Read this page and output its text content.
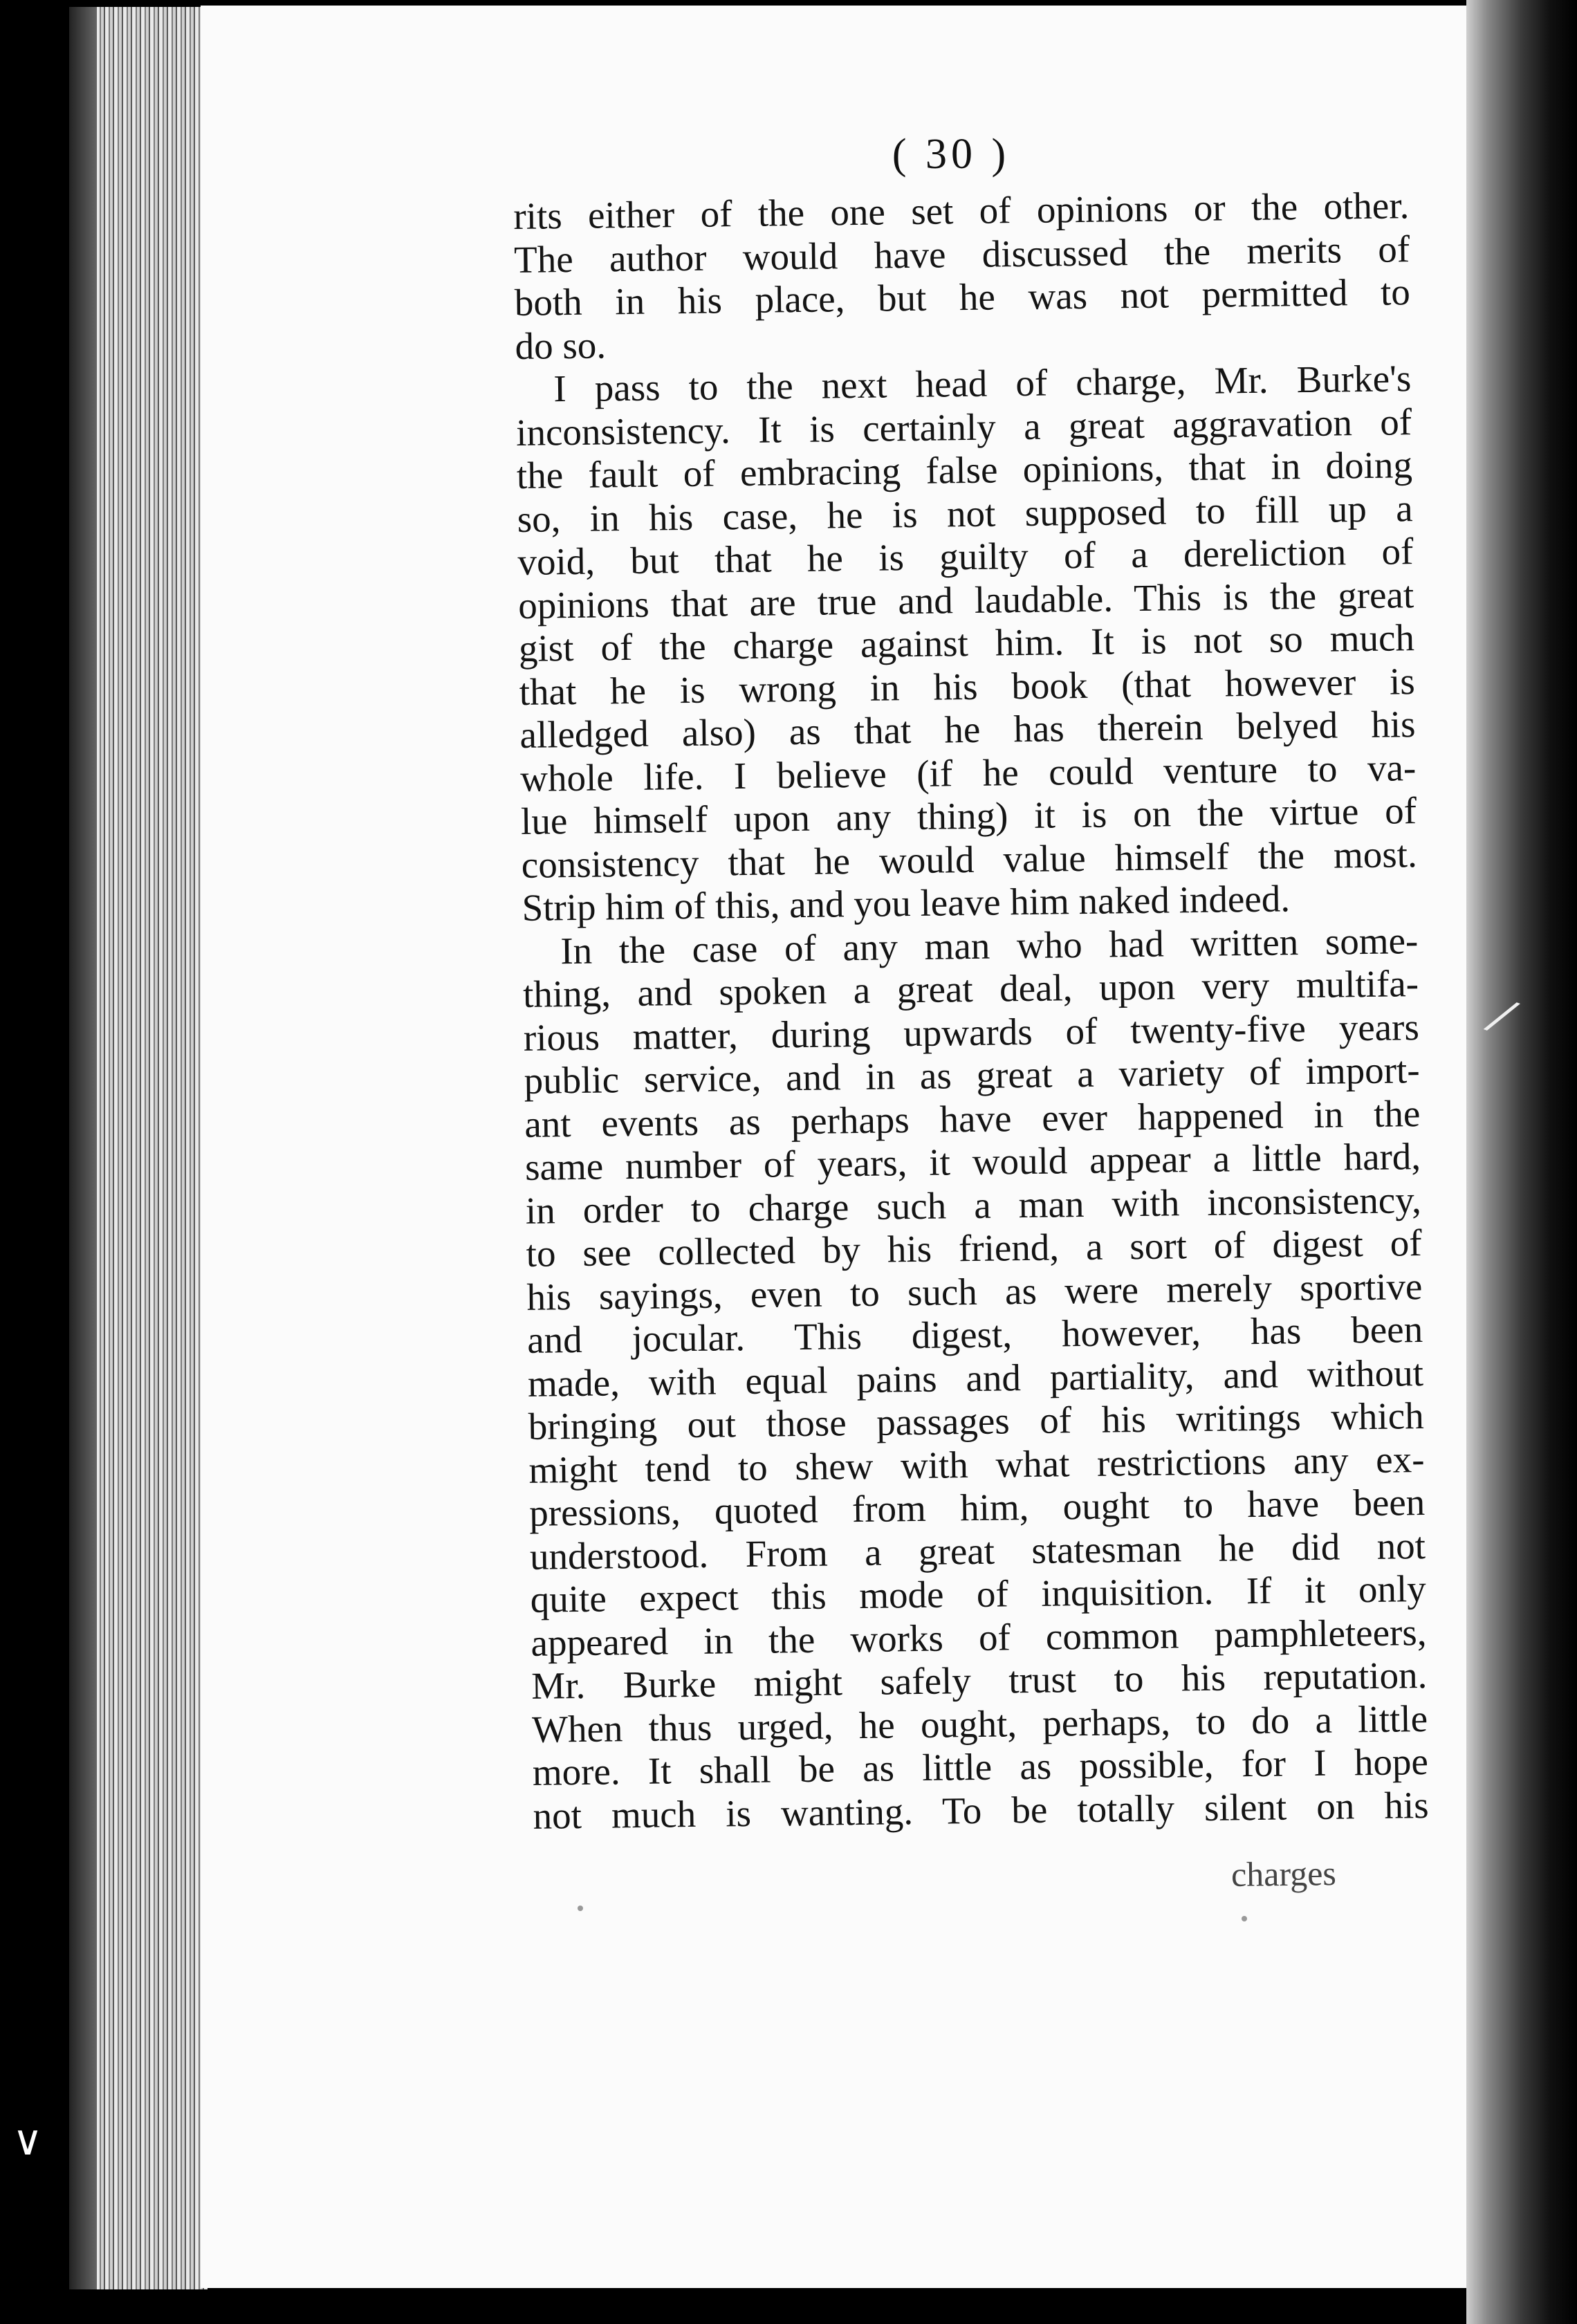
( 30 )
rits either of the one set of opinions or the other.
The author would have discussed the merits of
both in his place, but he was not permitted to
do so.
I pass to the next head of charge, Mr. Burke's
inconsistency. It is certainly a great aggravation of
the fault of embracing false opinions, that in doing
so, in his case, he is not supposed to fill up a
void, but that he is guilty of a dereliction of
opinions that are true and laudable. This is the great
gist of the charge against him. It is not so much
that he is wrong in his book (that however is
alledged also) as that he has therein belyed his
whole life. I believe (if he could venture to va-
lue himself upon any thing) it is on the virtue of
consistency that he would value himself the most.
Strip him of this, and you leave him naked indeed.
In the case of any man who had written some-
thing, and spoken a great deal, upon very multifa-
rious matter, during upwards of twenty-five years
public service, and in as great a variety of import-
ant events as perhaps have ever happened in the
same number of years, it would appear a little hard,
in order to charge such a man with inconsistency,
to see collected by his friend, a sort of digest of
his sayings, even to such as were merely sportive
and jocular. This digest, however, has been
made, with equal pains and partiality, and without
bringing out those passages of his writings which
might tend to shew with what restrictions any ex-
pressions, quoted from him, ought to have been
understood. From a great statesman he did not
quite expect this mode of inquisition. If it only
appeared in the works of common pamphleteers,
Mr. Burke might safely trust to his reputation.
When thus urged, he ought, perhaps, to do a little
more. It shall be as little as possible, for I hope
not much is wanting. To be totally silent on his
charges
∨
⁄
